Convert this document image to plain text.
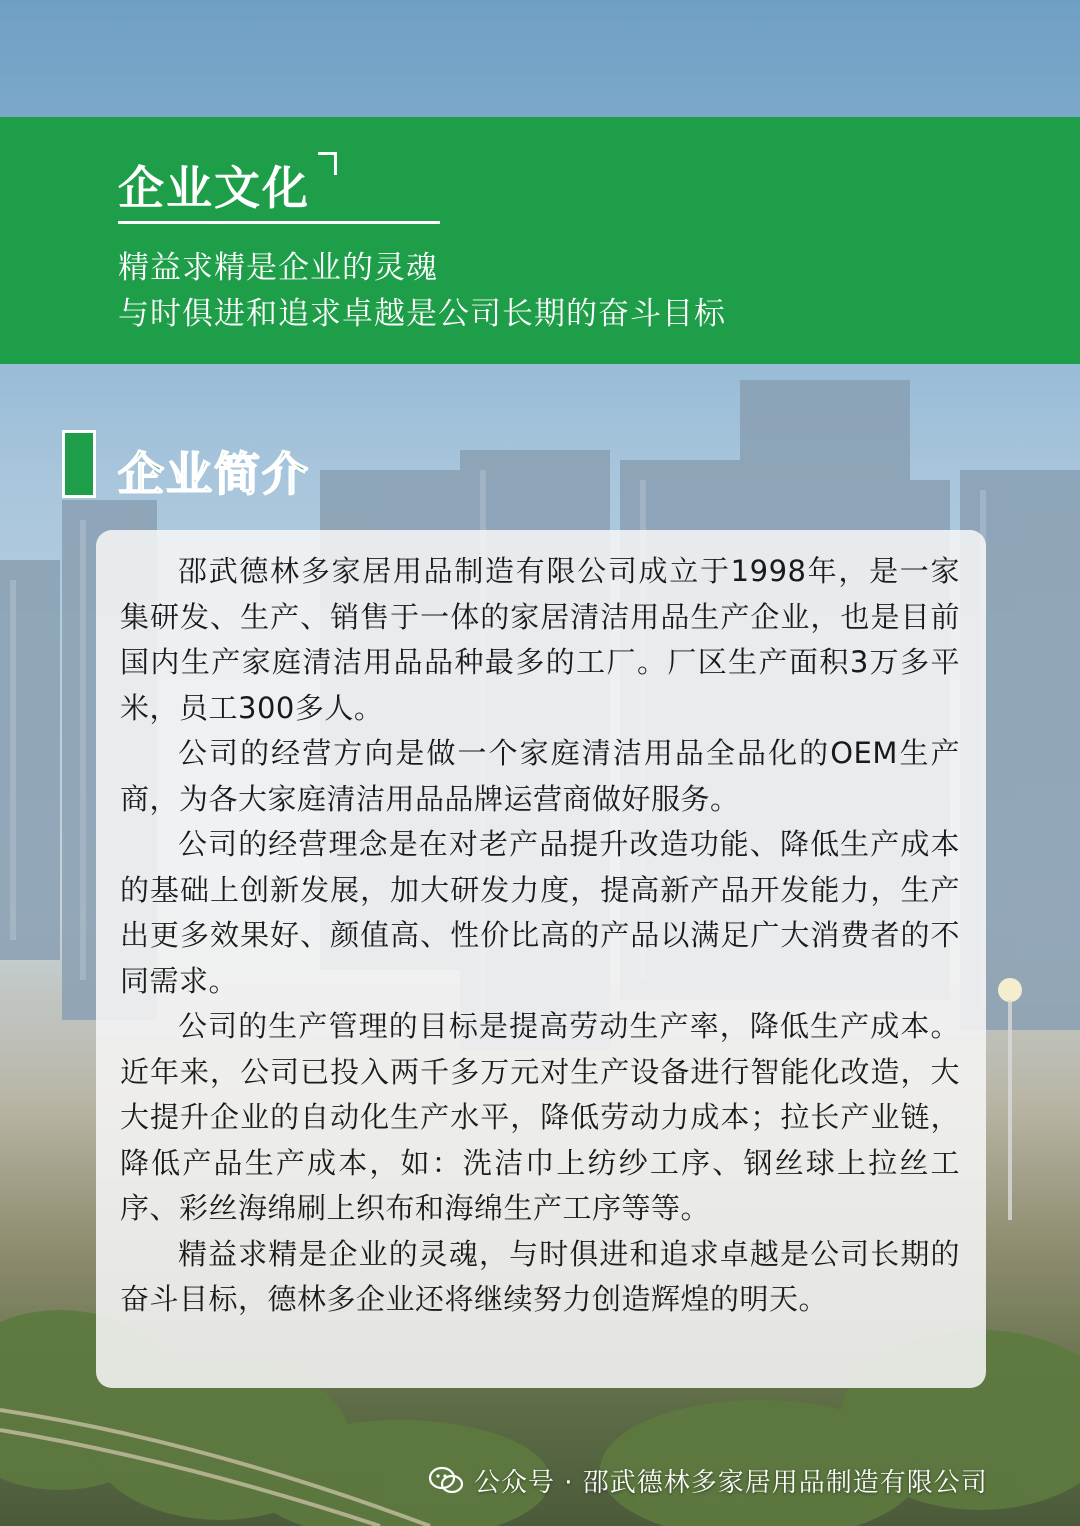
企业文化
精益求精是企业的灵魂
与时俱进和追求卓越是公司长期的奋斗目标
企业简介

邵武德林多家居用品制造有限公司成立于1998年，是一家集研发、生产、销售于一体的家居清洁用品生产企业，也是目前国内生产家庭清洁用品品种最多的工厂。厂区生产面积3万多平米，员工300多人。

公司的经营方向是做一个家庭清洁用品全品化的OEM生产商，为各大家庭清洁用品品牌运营商做好服务。

公司的经营理念是在对老产品提升改造功能、降低生产成本的基础上创新发展，加大研发力度，提高新产品开发能力，生产出更多效果好、颜值高、性价比高的产品以满足广大消费者的不同需求。

公司的生产管理的目标是提高劳动生产率，降低生产成本。近年来，公司已投入两千多万元对生产设备进行智能化改造，大大提升企业的自动化生产水平，降低劳动力成本；拉长产业链，降低产品生产成本，如：洗洁巾上纺纱工序、钢丝球上拉丝工序、彩丝海绵刷上织布和海绵生产工序等等。

精益求精是企业的灵魂，与时俱进和追求卓越是公司长期的奋斗目标，德林多企业还将继续努力创造辉煌的明天。

公众号 · 邵武德林多家居用品制造有限公司
